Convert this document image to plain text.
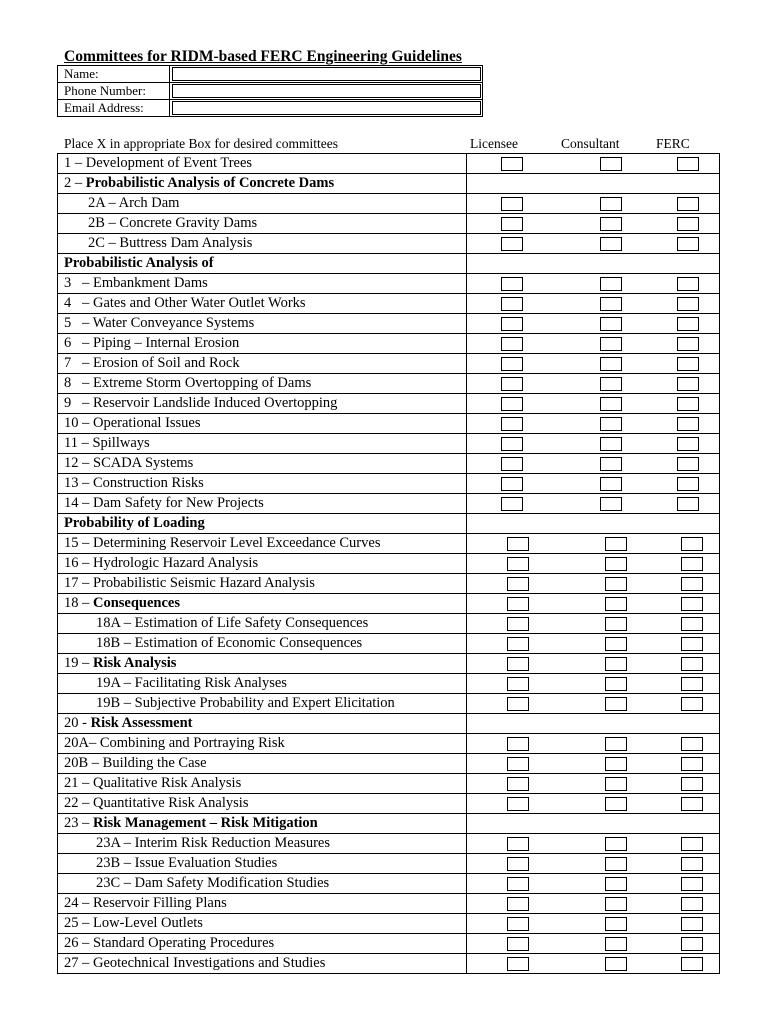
Committees for RIDM-based FERC Engineering Guidelines
Name:	

Phone Number:	

Email Address:	
Place X in appropriate Box for desired committees	Licensee	Consultant	FERC
1 – Development of Event Trees	

2 – Probabilistic Analysis of Concrete Dams	
2A – Arch Dam	

2B – Concrete Gravity Dams	

2C – Buttress Dam Analysis	

Probabilistic Analysis of	
3   – Embankment Dams	

4   – Gates and Other Water Outlet Works	

5   – Water Conveyance Systems	

6   – Piping – Internal Erosion	

7   – Erosion of Soil and Rock	

8   – Extreme Storm Overtopping of Dams	

9   – Reservoir Landslide Induced Overtopping	

10 – Operational Issues	

11 – Spillways	

12 – SCADA Systems	

13 – Construction Risks	

14 – Dam Safety for New Projects	

Probability of Loading	
15 – Determining Reservoir Level Exceedance Curves	

16 – Hydrologic Hazard Analysis	

17 – Probabilistic Seismic Hazard Analysis	

18 – Consequences	

18A – Estimation of Life Safety Consequences	

18B – Estimation of Economic Consequences	

19 – Risk Analysis	

19A – Facilitating Risk Analyses	

19B – Subjective Probability and Expert Elicitation	

20 - Risk Assessment	
20A– Combining and Portraying Risk	

20B – Building the Case	

21 – Qualitative Risk Analysis	

22 – Quantitative Risk Analysis	

23 – Risk Management – Risk Mitigation	
23A – Interim Risk Reduction Measures	

23B – Issue Evaluation Studies	

23C – Dam Safety Modification Studies	

24 – Reservoir Filling Plans	

25 – Low-Level Outlets	

26 – Standard Operating Procedures	

27 – Geotechnical Investigations and Studies	
